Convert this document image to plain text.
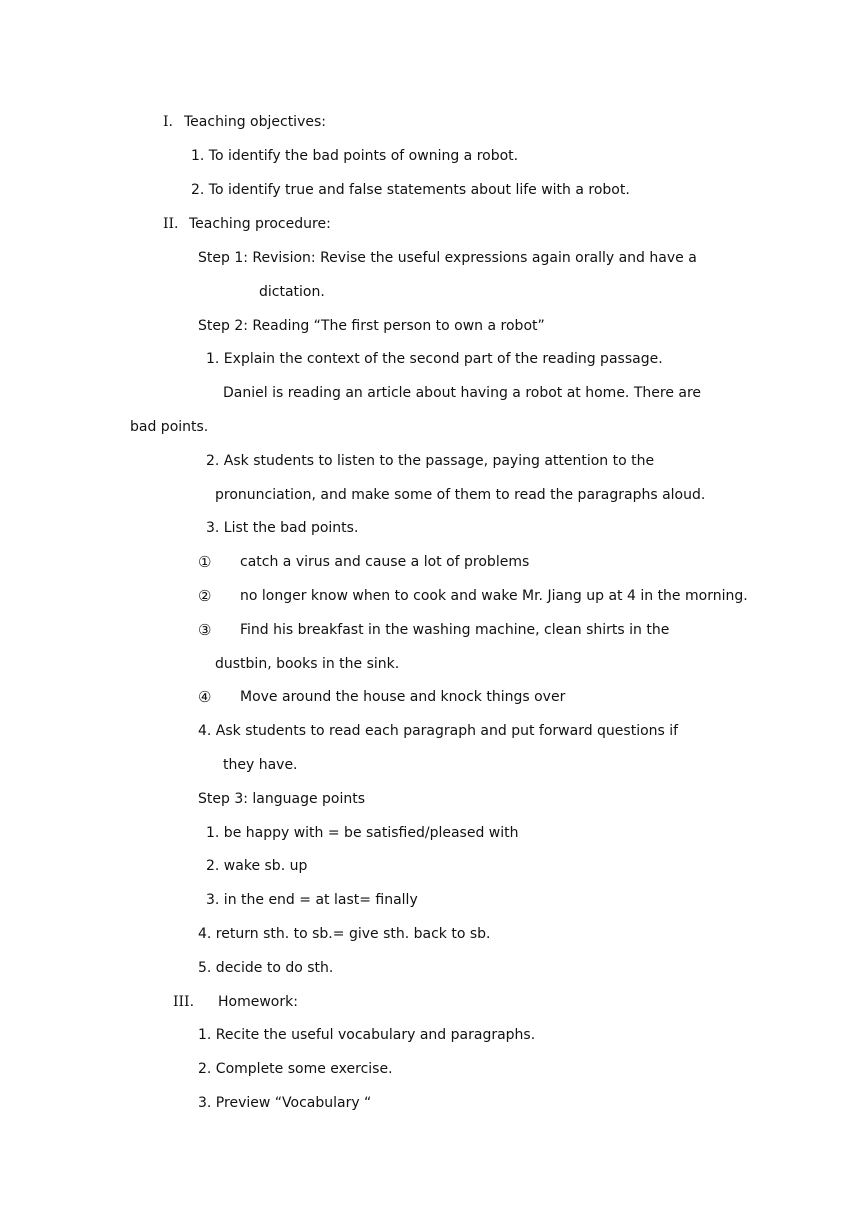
I. Teaching objectives:
1. To identify the bad points of owning a robot.
2. To identify true and false statements about life with a robot.
II. Teaching procedure:
Step 1: Revision: Revise the useful expressions again orally and have a
dictation.
Step 2: Reading “The first person to own a robot”
1. Explain the context of the second part of the reading passage.
Daniel is reading an article about having a robot at home. There are
bad points.
2. Ask students to listen to the passage, paying attention to the
pronunciation, and make some of them to read the paragraphs aloud.
3. List the bad points.
① catch a virus and cause a lot of problems
② no longer know when to cook and wake Mr. Jiang up at 4 in the morning.
③ Find his breakfast in the washing machine, clean shirts in the
dustbin, books in the sink.
④ Move around the house and knock things over
4. Ask students to read each paragraph and put forward questions if
they have.
Step 3: language points
1. be happy with = be satisfied/pleased with
2. wake sb. up
3. in the end = at last= finally
4. return sth. to sb.= give sth. back to sb.
5. decide to do sth.
III. Homework:
1. Recite the useful vocabulary and paragraphs.
2. Complete some exercise.
3. Preview “Vocabulary “
